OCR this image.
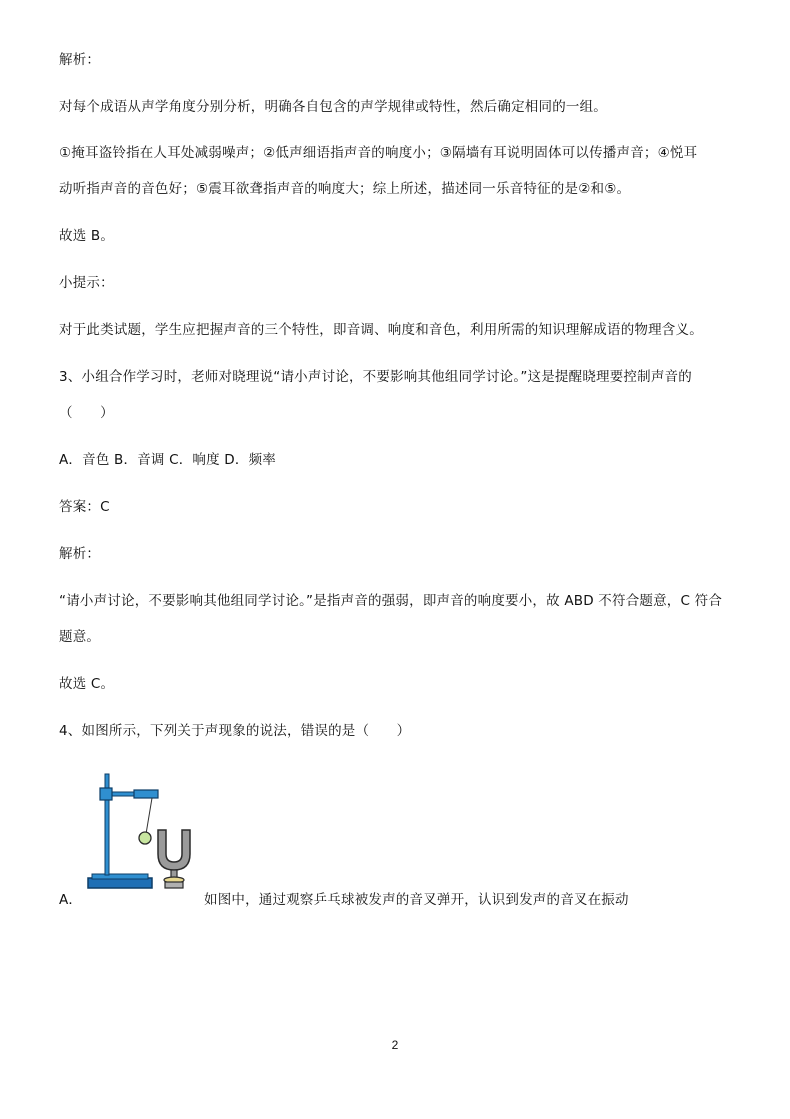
解析：
对每个成语从声学角度分别分析，明确各自包含的声学规律或特性，然后确定相同的一组。
①掩耳盗铃指在人耳处减弱噪声；②低声细语指声音的响度小；③隔墙有耳说明固体可以传播声音；④悦耳
动听指声音的音色好；⑤震耳欲聋指声音的响度大；综上所述，描述同一乐音特征的是②和⑤。
故选 B。
小提示：
对于此类试题，学生应把握声音的三个特性，即音调、响度和音色，利用所需的知识理解成语的物理含义。
3、小组合作学习时，老师对晓理说“请小声讨论，不要影响其他组同学讨论。”这是提醒晓理要控制声音的
（　　）
A．音色 B．音调 C．响度 D．频率
答案：C
解析：
“请小声讨论，不要影响其他组同学讨论。”是指声音的强弱，即声音的响度要小，故 ABD 不符合题意，C 符合
题意。
故选 C。
4、如图所示，下列关于声现象的说法，错误的是（　　）
A．	如图中，通过观察乒乓球被发声的音叉弹开，认识到发声的音叉在振动
2
